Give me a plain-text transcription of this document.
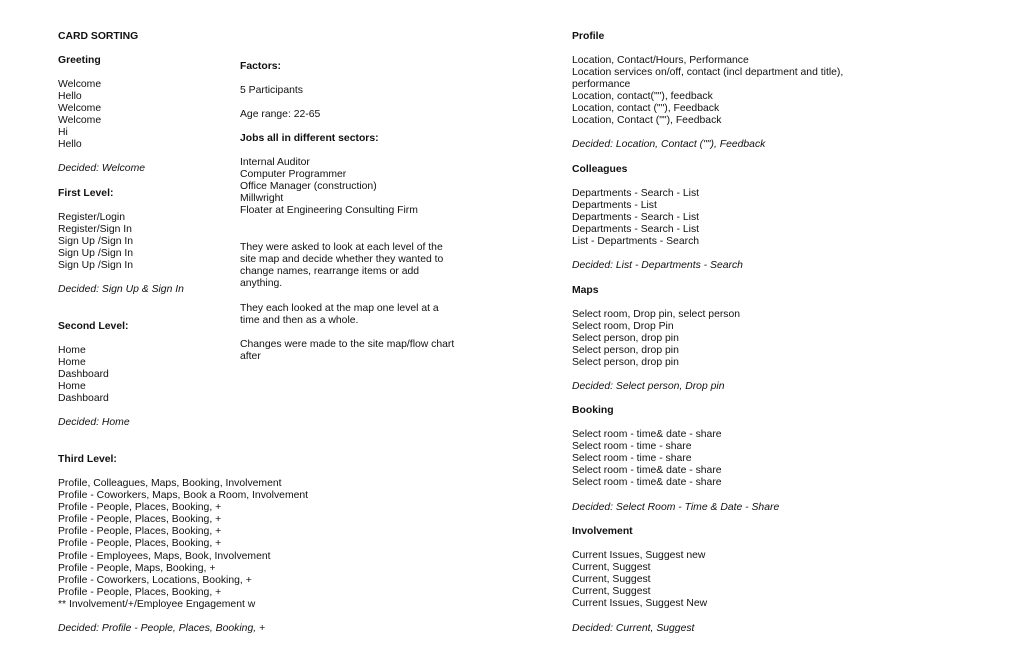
CARD SORTING
Greeting
Welcome
Hello
Welcome
Welcome
Hi
Hello
Decided: Welcome
First Level:
Register/Login
Register/Sign In
Sign Up /Sign In
Sign Up /Sign In
Sign Up /Sign In
Decided: Sign Up & Sign In
Second Level:
Home
Home
Dashboard
Home
Dashboard
Decided: Home
Third Level:
Profile, Colleagues, Maps, Booking, Involvement
Profile - Coworkers, Maps, Book a Room, Involvement
Profile - People, Places, Booking, +
Profile - People, Places, Booking, +
Profile - People, Places, Booking, +
Profile - People, Places, Booking, +
Profile - Employees, Maps, Book, Involvement
Profile - People, Maps, Booking, +
Profile - Coworkers, Locations, Booking, +
Profile - People, Places, Booking, +
** Involvement/+/Employee Engagement w
Decided: Profile - People, Places, Booking, +
Factors:
5 Participants
Age range: 22-65
Jobs all in different sectors:
Internal Auditor
Computer Programmer
Office Manager (construction)
Millwright
Floater at Engineering Consulting Firm
They were asked to look at each level of the site map and decide whether they wanted to change names, rearrange items or add anything.
They each looked at the map one level at a time and then as a whole.
Changes were made to the site map/flow chart after
Profile
Location, Contact/Hours, Performance
Location services on/off, contact (incl department and title),
performance
Location, contact(""), feedback
Location, contact (""), Feedback
Location, Contact (""), Feedback
Decided: Location, Contact (""), Feedback
Colleagues
Departments - Search - List
Departments - List
Departments - Search - List
Departments - Search - List
List - Departments - Search
Decided: List - Departments - Search
Maps
Select room, Drop pin, select person
Select room, Drop Pin
Select person, drop pin
Select person, drop pin
Select person, drop pin
Decided: Select person, Drop pin
Booking
Select room - time& date - share
Select room - time - share
Select room - time - share
Select room - time& date - share
Select room - time& date - share
Decided: Select Room - Time & Date - Share
Involvement
Current Issues, Suggest new
Current, Suggest
Current, Suggest
Current, Suggest
Current Issues, Suggest New
Decided: Current, Suggest
